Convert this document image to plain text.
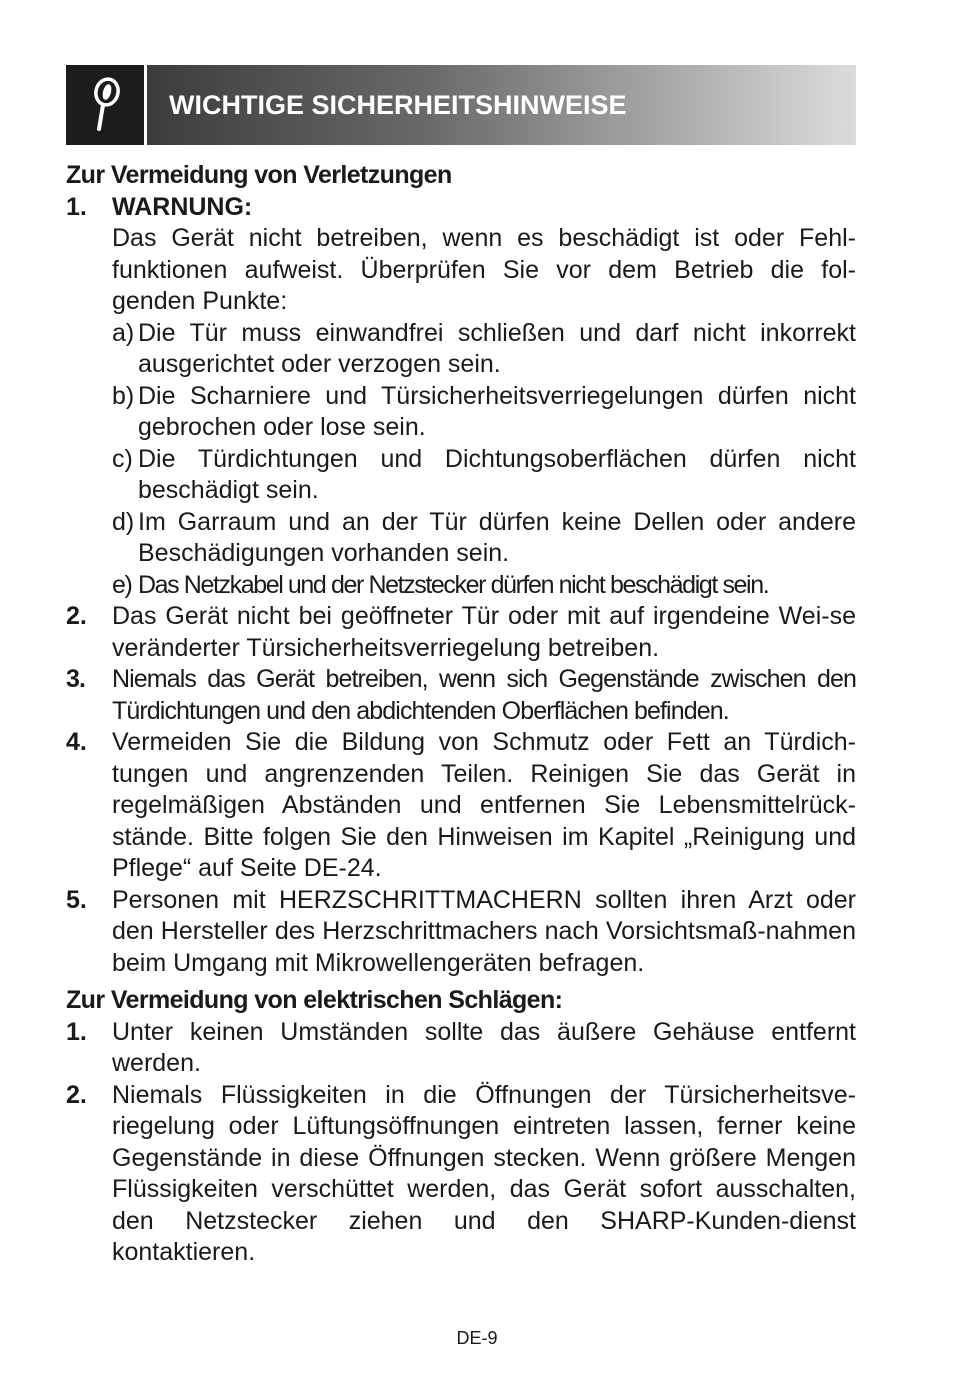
WICHTIGE SICHERHEITSHINWEISE
Zur Vermeidung von Verletzungen
1. WARNUNG:
Das Gerät nicht betreiben, wenn es beschädigt ist oder Fehl-funktionen aufweist. Überprüfen Sie vor dem Betrieb die fol-genden Punkte:
a) Die Tür muss einwandfrei schließen und darf nicht inkorrekt ausgerichtet oder verzogen sein.
b) Die Scharniere und Türsicherheitsverriegelungen dürfen nicht gebrochen oder lose sein.
c) Die Türdichtungen und Dichtungsoberflächen dürfen nicht beschädigt sein.
d) Im Garraum und an der Tür dürfen keine Dellen oder andere Beschädigungen vorhanden sein.
e) Das Netzkabel und der Netzstecker dürfen nicht beschädigt sein.
2. Das Gerät nicht bei geöffneter Tür oder mit auf irgendeine Wei-se veränderter Türsicherheitsverriegelung betreiben.
3. Niemals das Gerät betreiben, wenn sich Gegenstände zwischen den Türdichtungen und den abdichtenden Oberflächen befinden.
4. Vermeiden Sie die Bildung von Schmutz oder Fett an Türdich-tungen und angrenzenden Teilen. Reinigen Sie das Gerät in regelmäßigen Abständen und entfernen Sie Lebensmittelrück-stände. Bitte folgen Sie den Hinweisen im Kapitel „Reinigung und Pflege“ auf Seite DE-24.
5. Personen mit HERZSCHRITTMACHERN sollten ihren Arzt oder den Hersteller des Herzschrittmachers nach Vorsichtsmaß-nahmen beim Umgang mit Mikrowellengeräten befragen.
Zur Vermeidung von elektrischen Schlägen:
1. Unter keinen Umständen sollte das äußere Gehäuse entfernt werden.
2. Niemals Flüssigkeiten in die Öffnungen der Türsicherheitsve-riegelung oder Lüftungsöffnungen eintreten lassen, ferner keine Gegenstände in diese Öffnungen stecken. Wenn größere Mengen Flüssigkeiten verschüttet werden, das Gerät sofort ausschalten, den Netzstecker ziehen und den SHARP-Kunden-dienst kontaktieren.
DE-9
